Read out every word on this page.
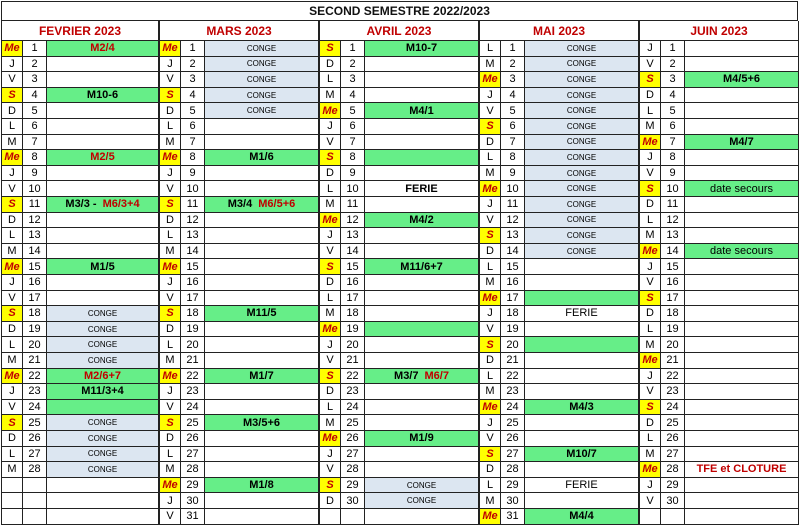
SECOND SEMESTRE 2022/2023
FEVRIER 2023
Me	1	M2/4
J	2
V	3
S	4	M10-6
D	5
L	6
M	7
Me	8	M2/5
J	9
V	10
S	11	M3/3 - M6/3+4
D	12
L	13
M	14
Me 15	M1/5
J	16
V	17
S	18	CONGE
D	19	CONGE
L	20	CONGE
M	21	CONGE
Me 22	M2/6+7
J	23	M11/3+4
V	24
S	25	CONGE
D	26	CONGE
L	27	CONGE
M	28	CONGE
MARS 2023
Me	1	CONGE
J	2	CONGE
V	3	CONGE
S	4	CONGE
D	5	CONGE
L	6
M	7
Me	8	M1/6
J	9
V	10
S	11	M3/4 M6/5+6
D	12
L	13
M	14
Me 15
J	16
V	17
S	18	M11/5
D	19
L	20
M	21
Me 22	M1/7
J	23
V	24
S	25	M3/5+6
D	26
L	27
M	28
Me 29	M1/8
J	30
V	31
AVRIL 2023
S	1	M10-7
D	2
L	3
M	4
Me	5	M4/1
J	6
V	7
S	8
D	9
L	10	FERIE
M	11
Me 12	M4/2
J	13
V	14
S	15	M11/6+7
D	16
L	17
M	18
Me 19
J	20
V	21
S	22	M3/7 M6/7
D	23
L	24
M	25
Me 26	M1/9
J	27
V	28
S	29	CONGE
D	30	CONGE
MAI 2023
L	1	CONGE
M	2	CONGE
Me	3	CONGE
J	4	CONGE
V	5	CONGE
S	6	CONGE
D	7	CONGE
L	8	CONGE
M	9	CONGE
Me 10	CONGE
J	11	CONGE
V	12	CONGE
S	13	CONGE
D	14	CONGE
L	15
M	16
Me 17
J	18	FERIE
V	19
S	20
D	21
L	22
M	23
Me 24	M4/3
J	25
V	26
S	27	M10/7
D	28
L	29	FERIE
M	30
Me 31	M4/4
JUIN 2023
J	1
V	2
S	3	M4/5+6
D	4
L	5
M	6
Me	7	M4/7
J	8
V	9
S	10	date secours
D	11
L	12
M	13
Me 14	date secours
J	15
V	16
S	17
D	18
L	19
M	20
Me 21
J	22
V	23
S	24
D	25
L	26
M	27
Me 28	TFE et CLOTURE
J	29
V	30
